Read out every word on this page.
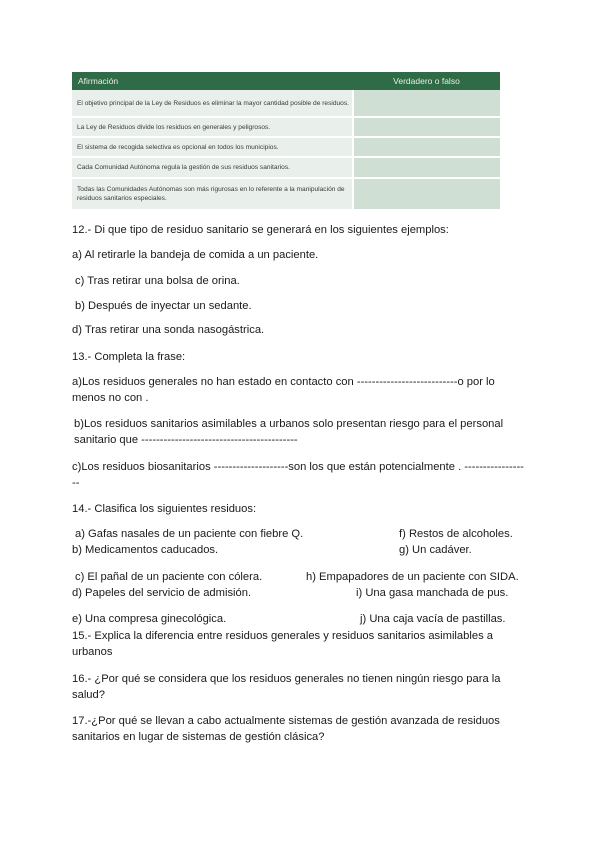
Afirmación	Verdadero o falso
El objetivo principal de la Ley de Residuos es eliminar la mayor cantidad posible de residuos.	
La Ley de Residuos divide los residuos en generales y peligrosos.	
El sistema de recogida selectiva es opcional en todos los municipios.	
Cada Comunidad Autónoma regula la gestión de sus residuos sanitarios.	
Todas las Comunidades Autónomas son más rigurosas en lo referente a la manipulación de residuos sanitarios especiales.	
12.- Di que tipo de residuo sanitario se generará en los siguientes ejemplos:
a) Al retirarle la bandeja de comida a un paciente.
c) Tras retirar una bolsa de orina.
b) Después de inyectar un sedante.
d) Tras retirar una sonda nasogástrica.
13.- Completa la frase:
a)Los residuos generales no han estado en contacto con ---------------------------o por lo menos no con .
b)Los residuos sanitarios asimilables a urbanos solo presentan riesgo para el personal sanitario que ------------------------------------------
c)Los residuos biosanitarios --------------------son los que están potencialmente . ------------------
14.- Clasifica los siguientes residuos:
a) Gafas nasales de un paciente con fiebre Q.	f) Restos de alcoholes.
b) Medicamentos caducados.	g) Un cadáver.
c) El pañal de un paciente con cólera.	h) Empapadores de un paciente con SIDA.
d) Papeles del servicio de admisión.	i) Una gasa manchada de pus.
e) Una compresa ginecológica.	j) Una caja vacía de pastillas.
15.- Explica la diferencia entre residuos generales y residuos sanitarios asimilables a urbanos
16.- ¿Por qué se considera que los residuos generales no tienen ningún riesgo para la salud?
17.-¿Por qué se llevan a cabo actualmente sistemas de gestión avanzada de residuos sanitarios en lugar de sistemas de gestión clásica?
